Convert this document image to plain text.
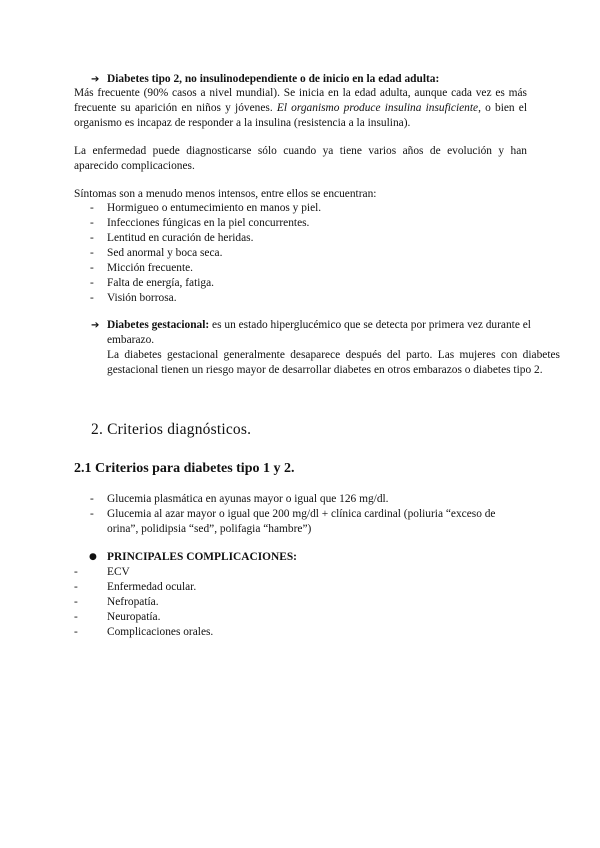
➔ Diabetes tipo 2, no insulinodependiente o de inicio en la edad adulta:

Más frecuente (90% casos a nivel mundial). Se inicia en la edad adulta, aunque cada vez es más frecuente su aparición en niños y jóvenes. El organismo produce insulina insuficiente, o bien el organismo es incapaz de responder a la insulina (resistencia a la insulina).

La enfermedad puede diagnosticarse sólo cuando ya tiene varios años de evolución y han aparecido complicaciones.

Síntomas son a menudo menos intensos, entre ellos se encuentran:

- Hormigueo o entumecimiento en manos y piel.
- Infecciones fúngicas en la piel concurrentes.
- Lentitud en curación de heridas.
- Sed anormal y boca seca.
- Micción frecuente.
- Falta de energía, fatiga.
- Visión borrosa.
➔ Diabetes gestacional: es un estado hiperglucémico que se detecta por primera vez durante el embarazo.

La diabetes gestacional generalmente desaparece después del parto. Las mujeres con diabetes gestacional tienen un riesgo mayor de desarrollar diabetes en otros embarazos o diabetes tipo 2.

2. Criterios diagnósticos.
2.1 Criterios para diabetes tipo 1 y 2.
- Glucemia plasmática en ayunas mayor o igual que 126 mg/dl.
- Glucemia al azar mayor o igual que 200 mg/dl + clínica cardinal (poliuria “exceso de orina”, polidipsia “sed”, polifagia “hambre”)
● PRINCIPALES COMPLICACIONES:
-	ECV
-	Enfermedad ocular.
-	Nefropatía.
-	Neuropatía.
-	Complicaciones orales.
